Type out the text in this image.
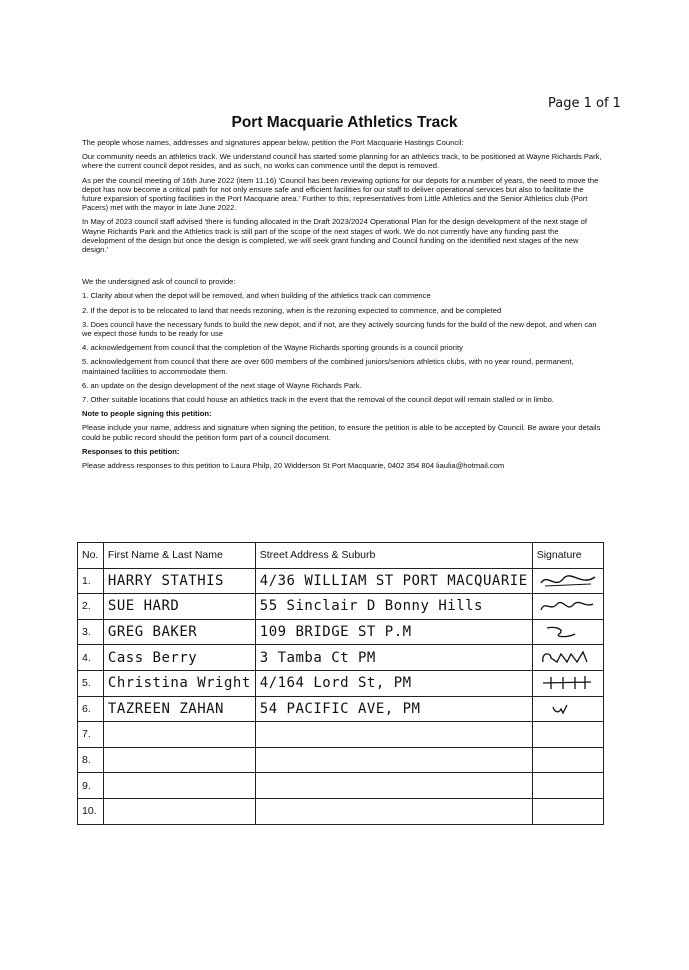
Page 1 of 1
Port Macquarie Athletics Track

The people whose names, addresses and signatures appear below, petition the Port Macquarie Hastings Council:

Our community needs an athletics track. We understand council has started some planning for an athletics track, to be positioned at Wayne Richards Park, where the current council depot resides, and as such, no works can commence until the depot is removed.

As per the council meeting of 16th June 2022 (item 11.16) 'Council has been reviewing options for our depots for a number of years, the need to move the depot has now become a critical path for not only ensure safe and efficient facilities for our staff to deliver operational services but also to facilitate the future expansion of sporting facilities in the Port Macquarie area.' Further to this, representatives from Little Athletics and the Senior Athletics club (Port Pacers) met with the mayor in late June 2022.

In May of 2023 council staff advised 'there is funding allocated in the Draft 2023/2024 Operational Plan for the design development of the next stage of Wayne Richards Park and the Athletics track is still part of the scope of the next stages of work. We do not currently have any funding past the development of the design but once the design is completed, we will seek grant funding and Council funding on the identified next stages of the new design.'

We the undersigned ask of council to provide:

1. Clarity about when the depot will be removed, and when building of the athletics track can commence

2. If the depot is to be relocated to land that needs rezoning, when is the rezoning expected to commence, and be completed

3. Does council have the necessary funds to build the new depot, and if not, are they actively sourcing funds for the build of the new depot, and when can we expect those funds to be ready for use

4. acknowledgement from council that the completion of the Wayne Richards sporting grounds is a council priority

5. acknowledgement from council that there are over 600 members of the combined juniors/seniors athletics clubs, with no year round, permanent, maintained facilities to accommodate them.

6. an update on the design development of the next stage of Wayne Richards Park.

7. Other suitable locations that could house an athletics track in the event that the removal of the council depot will remain stalled or in limbo.

Note to people signing this petition:

Please include your name, address and signature when signing the petition, to ensure the petition is able to be accepted by Council. Be aware your details could be public record should the petition form part of a council document.

Responses to this petition:

Please address responses to this petition to Laura Philp, 20 Widderson St Port Macquarie, 0402 354 804 liaulia@hotmail.com

No.	First Name & Last Name	Street Address & Suburb	Signature
1.	HARRY STATHIS	4/36 WILLIAM ST PORT MACQUARIE	

2.	SUE HARD	55 Sinclair D Bonny Hills	

3.	GREG BAKER	109 BRIDGE ST P.M	

4.	Cass Berry	3 Tamba Ct PM	

5.	Christina Wright	4/164 Lord St, PM	

6.	TAZREEN ZAHAN	54 PACIFIC AVE, PM	

7.			
8.			
9.			
10.			
